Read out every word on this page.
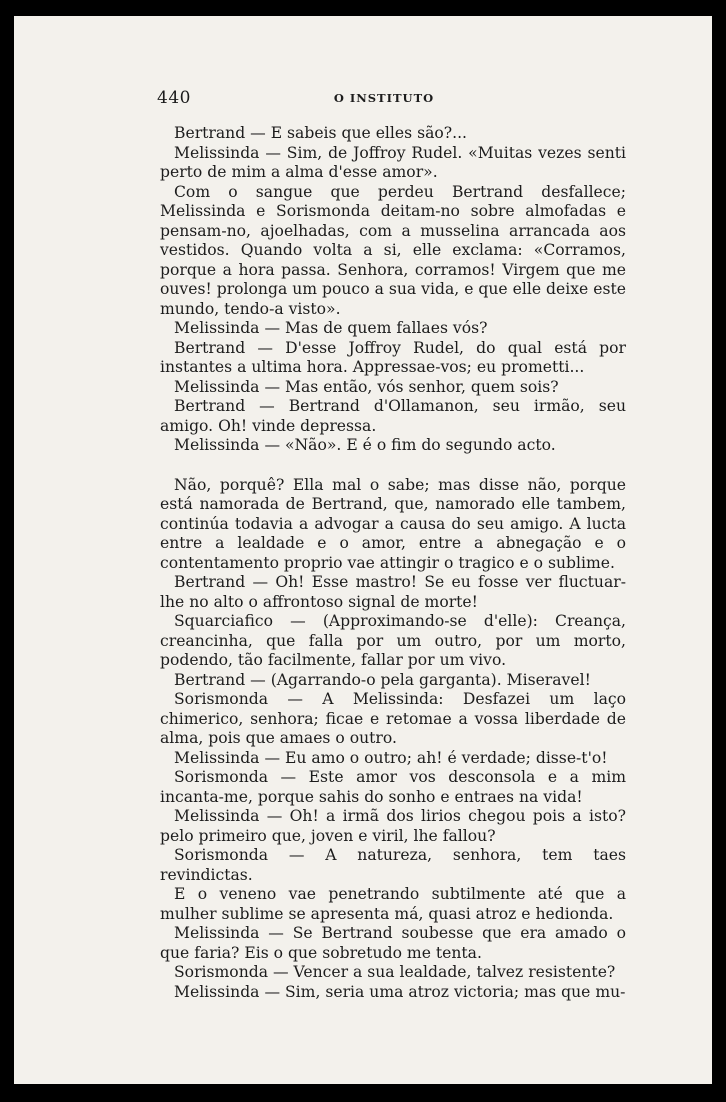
440	O INSTITUTO

Bertrand — E sabeis que elles são?...

Melissinda — Sim, de Joffroy Rudel. «Muitas vezes senti perto de mim a alma d'esse amor».

Com o sangue que perdeu Bertrand desfallece; Melissinda e Sorismonda deitam-no sobre almofadas e pensam-no, ajoelhadas, com a musselina arrancada aos vestidos. Quando volta a si, elle exclama: «Corramos, porque a hora passa. Senhora, corramos! Virgem que me ouves! prolonga um pouco a sua vida, e que elle deixe este mundo, tendo-a visto».

Melissinda — Mas de quem fallaes vós?

Bertrand — D'esse Joffroy Rudel, do qual está por instantes a ultima hora. Appressae-vos; eu prometti...

Melissinda — Mas então, vós senhor, quem sois?

Bertrand — Bertrand d'Ollamanon, seu irmão, seu amigo. Oh! vinde depressa.

Melissinda — «Não». E é o fim do segundo acto.

Não, porquê? Ella mal o sabe; mas disse não, porque está namorada de Bertrand, que, namorado elle tambem, continúa todavia a advogar a causa do seu amigo. A lucta entre a lealdade e o amor, entre a abnegação e o contentamento proprio vae attingir o tragico e o sublime.

Bertrand — Oh! Esse mastro! Se eu fosse ver fluctuar-lhe no alto o affrontoso signal de morte!

Squarciafico — (Approximando-se d'elle): Creança, creancinha, que falla por um outro, por um morto, podendo, tão facilmente, fallar por um vivo.

Bertrand — (Agarrando-o pela garganta). Miseravel!

Sorismonda — A Melissinda: Desfazei um laço chimerico, senhora; ficae e retomae a vossa liberdade de alma, pois que amaes o outro.

Melissinda — Eu amo o outro; ah! é verdade; disse-t'o!

Sorismonda — Este amor vos desconsola e a mim incanta-me, porque sahis do sonho e entraes na vida!

Melissinda — Oh! a irmã dos lirios chegou pois a isto? pelo primeiro que, joven e viril, lhe fallou?

Sorismonda — A natureza, senhora, tem taes revindictas.

E o veneno vae penetrando subtilmente até que a mulher sublime se apresenta má, quasi atroz e hedionda.

Melissinda — Se Bertrand soubesse que era amado o que faria? Eis o que sobretudo me tenta.

Sorismonda — Vencer a sua lealdade, talvez resistente?

Melissinda — Sim, seria uma atroz victoria; mas que mu-
